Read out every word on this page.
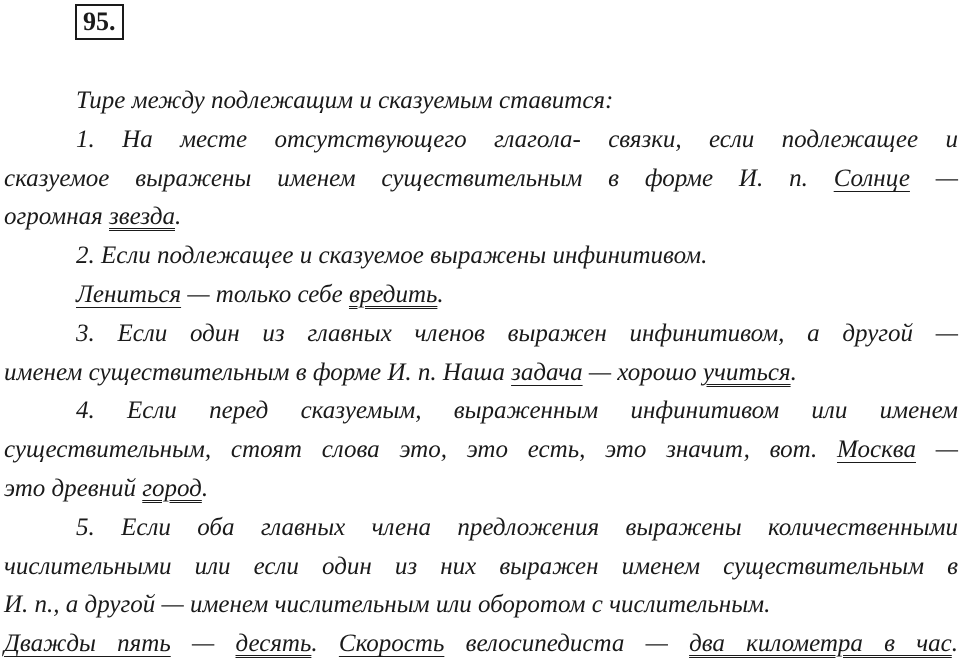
95.
Тире между подлежащим и сказуемым ставится:
1. На месте отсутствующего глагола- связки, если подлежащее и
сказуемое выражены именем существительным в форме И. п. Солнце —
огромная звезда.
2. Если подлежащее и сказуемое выражены инфинитивом.
Лениться — только себе вредить.
3. Если один из главных членов выражен инфинитивом, а другой —
именем существительным в форме И. п. Наша задача — хорошо учиться.
4. Если перед сказуемым, выраженным инфинитивом или именем
существительным, стоят слова это, это есть, это значит, вот. Москва —
это древний город.
5. Если оба главных члена предложения выражены количественными
числительными или если один из них выражен именем существительным в
И. п., а другой — именем числительным или оборотом с числительным.
Дважды пять — десять. Скорость велосипедиста — два километра в час.
